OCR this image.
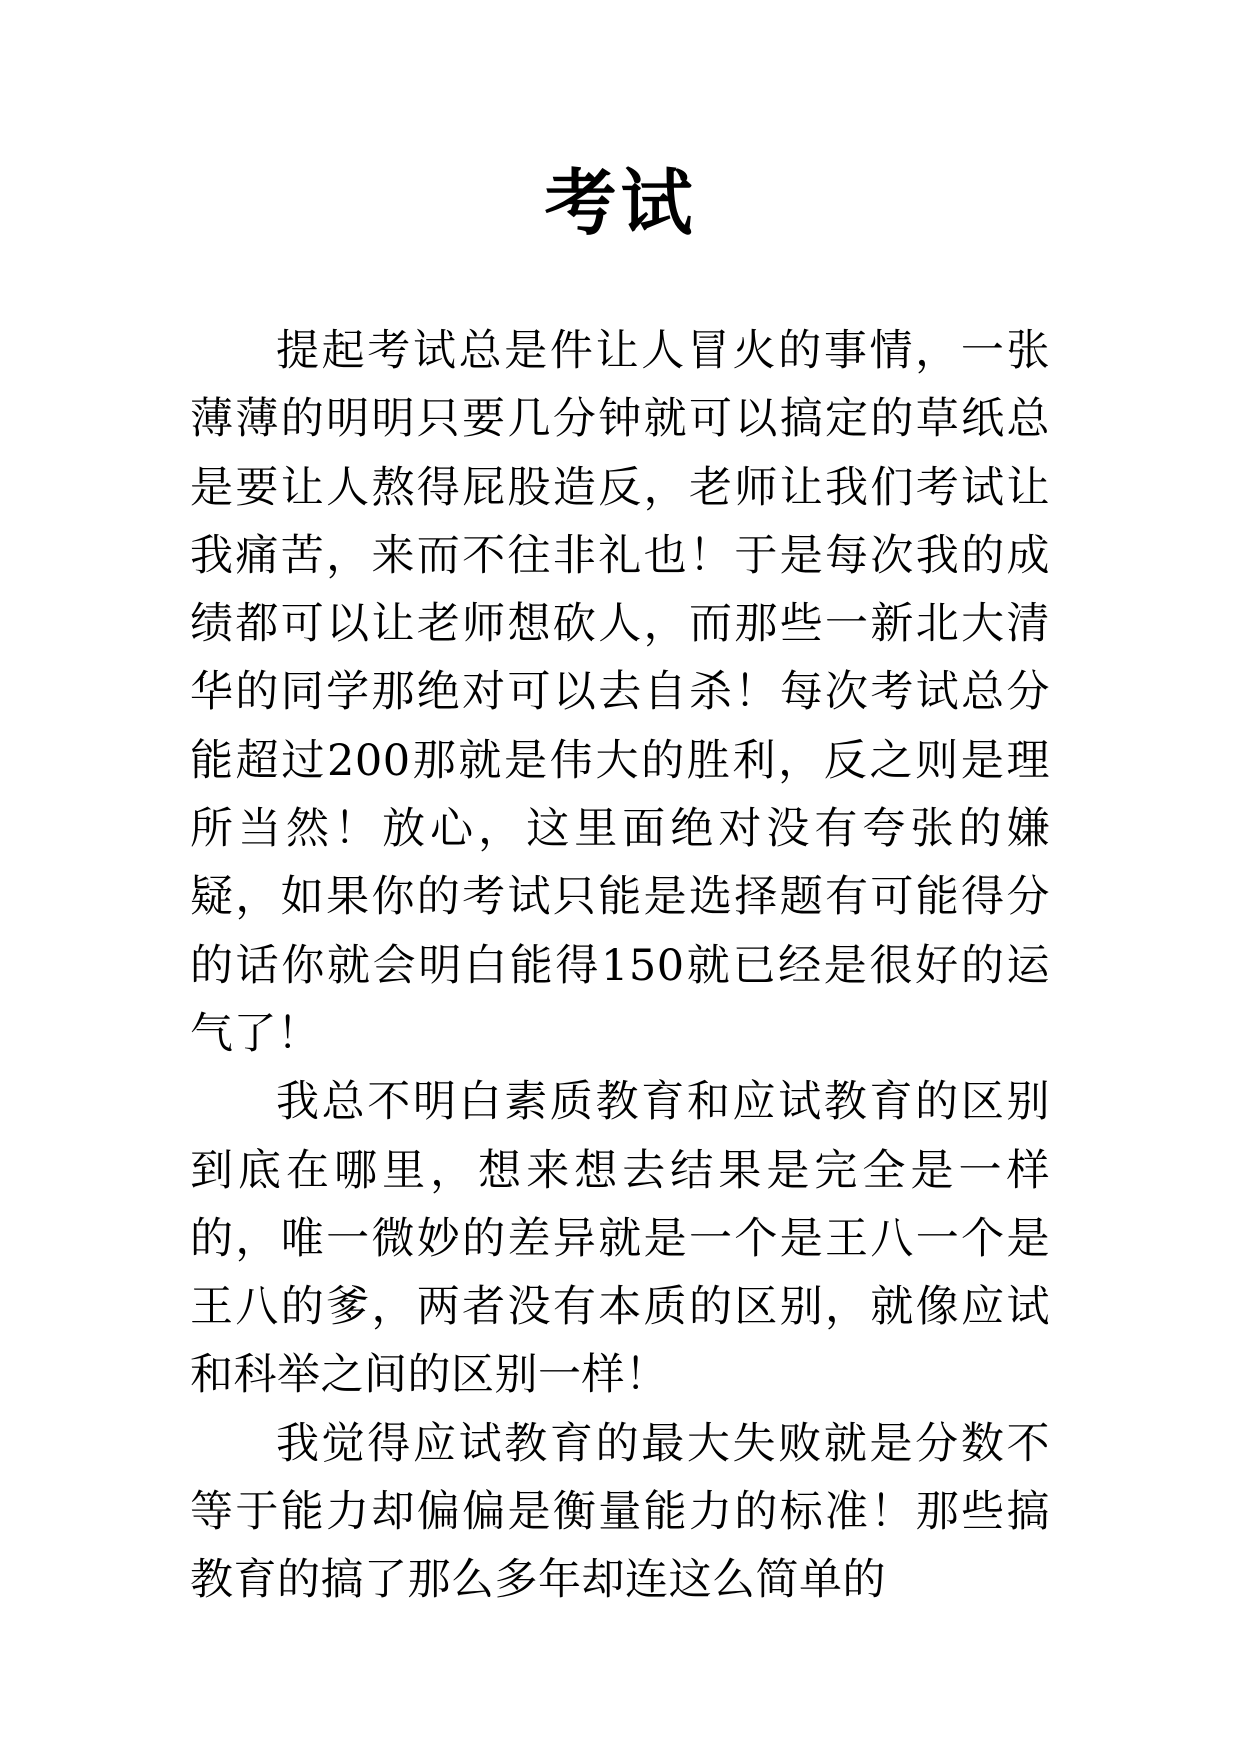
考试

提起考试总是件让人冒火的事情，一张薄薄的明明只要几分钟就可以搞定的草纸总是要让人熬得屁股造反，老师让我们考试让我痛苦，来而不往非礼也！于是每次我的成绩都可以让老师想砍人，而那些一新北大清华的同学那绝对可以去自杀！每次考试总分能超过200那就是伟大的胜利，反之则是理所当然！放心，这里面绝对没有夸张的嫌疑，如果你的考试只能是选择题有可能得分的话你就会明白能得150就已经是很好的运气了！

我总不明白素质教育和应试教育的区别到底在哪里，想来想去结果是完全是一样的，唯一微妙的差异就是一个是王八一个是王八的爹，两者没有本质的区别，就像应试和科举之间的区别一样！

我觉得应试教育的最大失败就是分数不等于能力却偏偏是衡量能力的标准！那些搞教育的搞了那么多年却连这么简单的
